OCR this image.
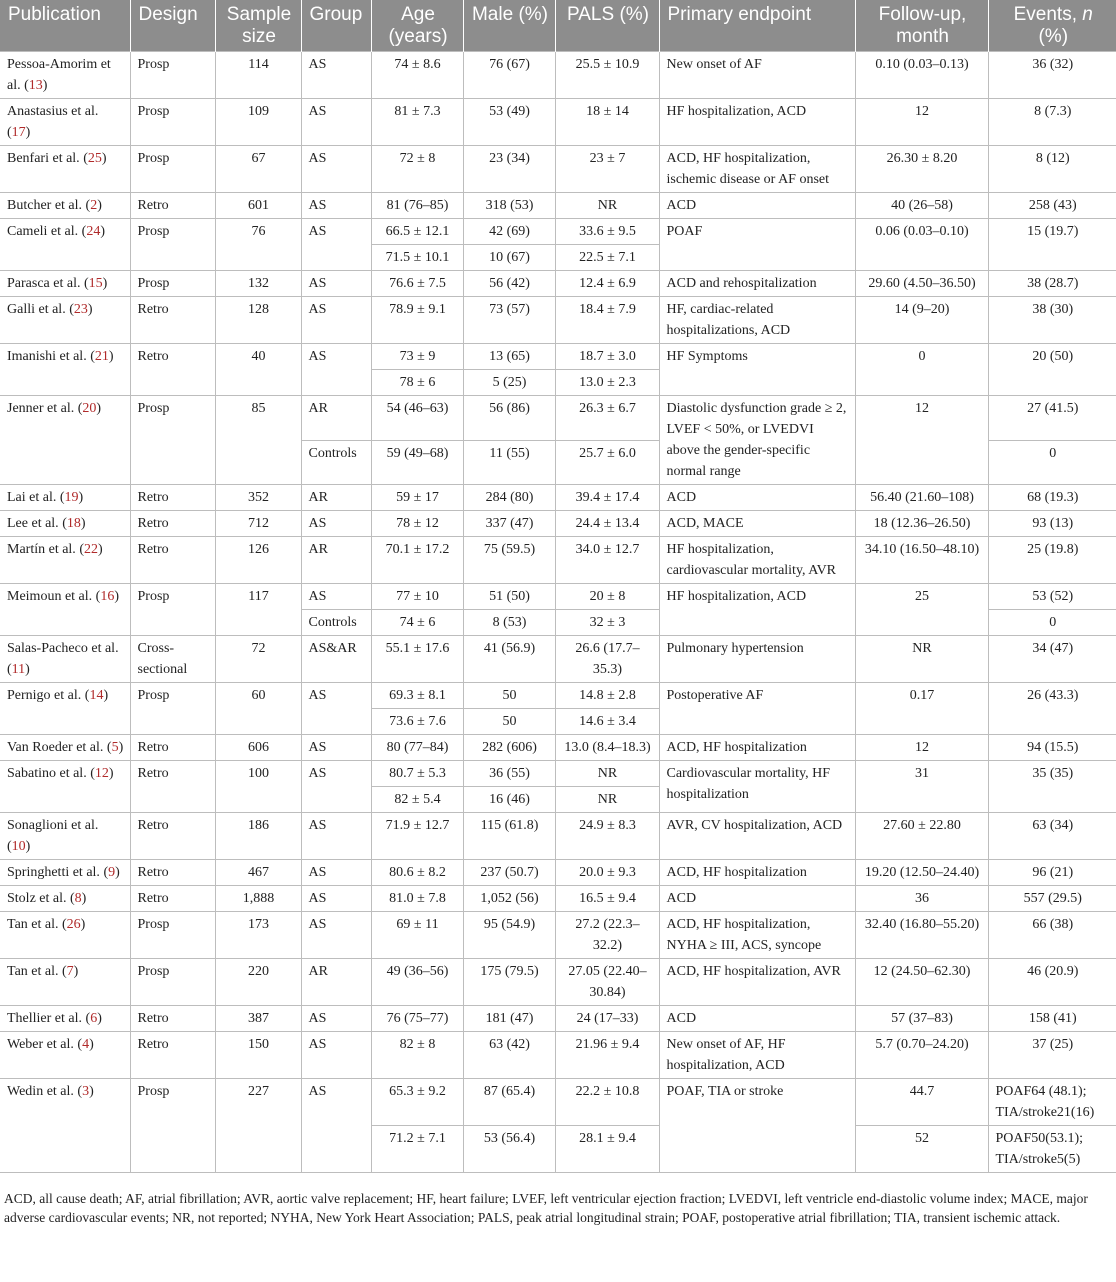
Publication	Design	Sample size	Group	Age (years)	Male (%)	PALS (%)	Primary endpoint	Follow-up, month	Events, n (%)
Pessoa-Amorim et al. (13)	Prosp	114	AS	74 ± 8.6	76 (67)	25.5 ± 10.9	New onset of AF	0.10 (0.03–0.13)	36 (32)
Anastasius et al. (17)	Prosp	109	AS	81 ± 7.3	53 (49)	18 ± 14	HF hospitalization, ACD	12	8 (7.3)
Benfari et al. (25)	Prosp	67	AS	72 ± 8	23 (34)	23 ± 7	ACD, HF hospitalization, ischemic disease or AF onset	26.30 ± 8.20	8 (12)
Butcher et al. (2)	Retro	601	AS	81 (76–85)	318 (53)	NR	ACD	40 (26–58)	258 (43)
Cameli et al. (24)	Prosp	76	AS	66.5 ± 12.1	42 (69)	33.6 ± 9.5	POAF	0.06 (0.03–0.10)	15 (19.7)
				71.5 ± 10.1	10 (67)	22.5 ± 7.1			
Parasca et al. (15)	Prosp	132	AS	76.6 ± 7.5	56 (42)	12.4 ± 6.9	ACD and rehospitalization	29.60 (4.50–36.50)	38 (28.7)
Galli et al. (23)	Retro	128	AS	78.9 ± 9.1	73 (57)	18.4 ± 7.9	HF, cardiac-related hospitalizations, ACD	14 (9–20)	38 (30)
Imanishi et al. (21)	Retro	40	AS	73 ± 9	13 (65)	18.7 ± 3.0	HF Symptoms	0	20 (50)
				78 ± 6	5 (25)	13.0 ± 2.3			
Jenner et al. (20)	Prosp	85	AR	54 (46–63)	56 (86)	26.3 ± 6.7	Diastolic dysfunction grade ≥ 2, LVEF < 50%, or LVEDVI above the gender-specific normal range	12	27 (41.5)
			Controls	59 (49–68)	11 (55)	25.7 ± 6.0			0
Lai et al. (19)	Retro	352	AR	59 ± 17	284 (80)	39.4 ± 17.4	ACD	56.40 (21.60–108)	68 (19.3)
Lee et al. (18)	Retro	712	AS	78 ± 12	337 (47)	24.4 ± 13.4	ACD, MACE	18 (12.36–26.50)	93 (13)
Martín et al. (22)	Retro	126	AR	70.1 ± 17.2	75 (59.5)	34.0 ± 12.7	HF hospitalization, cardiovascular mortality, AVR	34.10 (16.50–48.10)	25 (19.8)
Meimoun et al. (16)	Prosp	117	AS	77 ± 10	51 (50)	20 ± 8	HF hospitalization, ACD	25	53 (52)
			Controls	74 ± 6	8 (53)	32 ± 3			0
Salas-Pacheco et al. (11)	Cross-sectional	72	AS&AR	55.1 ± 17.6	41 (56.9)	26.6 (17.7–35.3)	Pulmonary hypertension	NR	34 (47)
Pernigo et al. (14)	Prosp	60	AS	69.3 ± 8.1	50	14.8 ± 2.8	Postoperative AF	0.17	26 (43.3)
				73.6 ± 7.6	50	14.6 ± 3.4			
Van Roeder et al. (5)	Retro	606	AS	80 (77–84)	282 (606)	13.0 (8.4–18.3)	ACD, HF hospitalization	12	94 (15.5)
Sabatino et al. (12)	Retro	100	AS	80.7 ± 5.3	36 (55)	NR	Cardiovascular mortality, HF hospitalization	31	35 (35)
				82 ± 5.4	16 (46)	NR			
Sonaglioni et al. (10)	Retro	186	AS	71.9 ± 12.7	115 (61.8)	24.9 ± 8.3	AVR, CV hospitalization, ACD	27.60 ± 22.80	63 (34)
Springhetti et al. (9)	Retro	467	AS	80.6 ± 8.2	237 (50.7)	20.0 ± 9.3	ACD, HF hospitalization	19.20 (12.50–24.40)	96 (21)
Stolz et al. (8)	Retro	1,888	AS	81.0 ± 7.8	1,052 (56)	16.5 ± 9.4	ACD	36	557 (29.5)
Tan et al. (26)	Prosp	173	AS	69 ± 11	95 (54.9)	27.2 (22.3–32.2)	ACD, HF hospitalization, NYHA ≥ III, ACS, syncope	32.40 (16.80–55.20)	66 (38)
Tan et al. (7)	Prosp	220	AR	49 (36–56)	175 (79.5)	27.05 (22.40–30.84)	ACD, HF hospitalization, AVR	12 (24.50–62.30)	46 (20.9)
Thellier et al. (6)	Retro	387	AS	76 (75–77)	181 (47)	24 (17–33)	ACD	57 (37–83)	158 (41)
Weber et al. (4)	Retro	150	AS	82 ± 8	63 (42)	21.96 ± 9.4	New onset of AF, HF hospitalization, ACD	5.7 (0.70–24.20)	37 (25)
Wedin et al. (3)	Prosp	227	AS	65.3 ± 9.2	87 (65.4)	22.2 ± 10.8	POAF, TIA or stroke	44.7	POAF64 (48.1); TIA/stroke21(16)
				71.2 ± 7.1	53 (56.4)	28.1 ± 9.4		52	POAF50(53.1); TIA/stroke5(5)
ACD, all cause death; AF, atrial fibrillation; AVR, aortic valve replacement; HF, heart failure; LVEF, left ventricular ejection fraction; LVEDVI, left ventricle end-diastolic volume index; MACE, major adverse cardiovascular events; NR, not reported; NYHA, New York Heart Association; PALS, peak atrial longitudinal strain; POAF, postoperative atrial fibrillation; TIA, transient ischemic attack.
